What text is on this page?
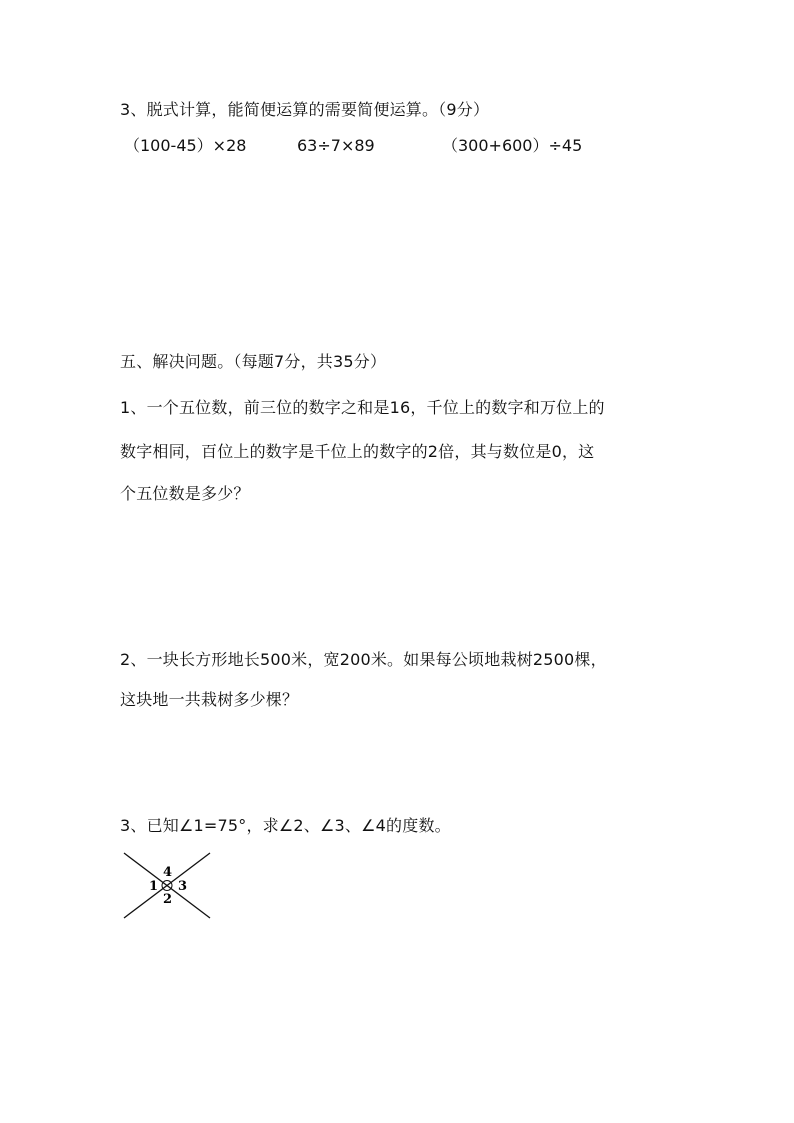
3、脱式计算，能简便运算的需要简便运算。（9分）
（100-45）×28	63÷7×89	（300+600）÷45
五、解决问题。（每题7分，共35分）
1、一个五位数，前三位的数字之和是16，千位上的数字和万位上的
数字相同，百位上的数字是千位上的数字的2倍，其与数位是0，这
个五位数是多少？
2、一块长方形地长500米，宽200米。如果每公顷地栽树2500棵，
这块地一共栽树多少棵？
3、已知∠1=75°，求∠2、∠3、∠4的度数。
4
1 3
2
